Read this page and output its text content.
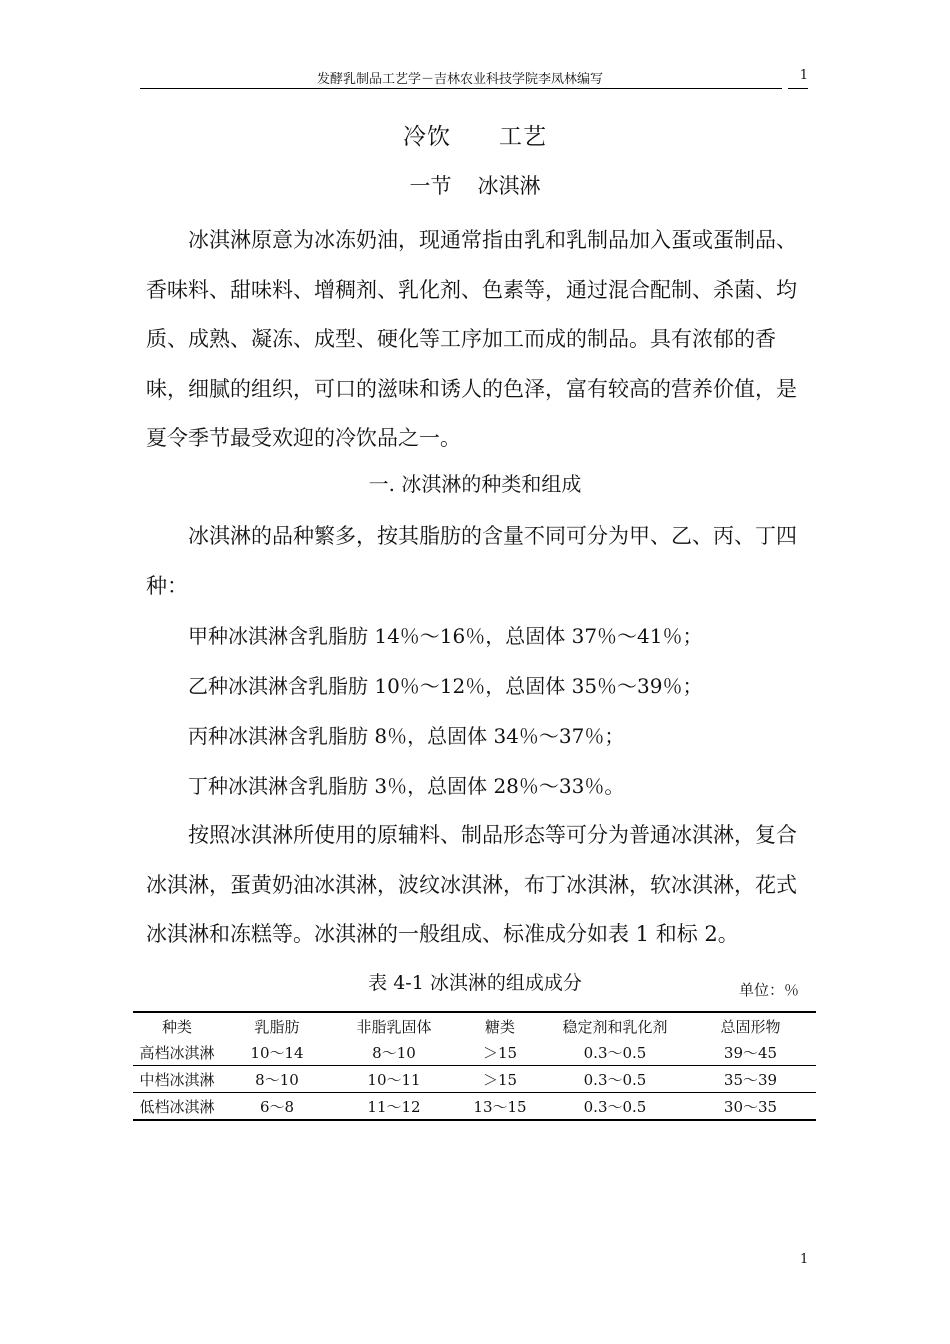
发酵乳制品工艺学－吉林农业科技学院李凤林编写	1
冷饮 工艺
一节 冰淇淋
冰淇淋原意为冰冻奶油，现通常指由乳和乳制品加入蛋或蛋制品、香味料、甜味料、增稠剂、乳化剂、色素等，通过混合配制、杀菌、均质、成熟、凝冻、成型、硬化等工序加工而成的制品。具有浓郁的香味，细腻的组织，可口的滋味和诱人的色泽，富有较高的营养价值，是夏令季节最受欢迎的冷饮品之一。
一. 冰淇淋的种类和组成
冰淇淋的品种繁多，按其脂肪的含量不同可分为甲、乙、丙、丁四种：
甲种冰淇淋含乳脂肪 14％～16％，总固体 37％～41％；
乙种冰淇淋含乳脂肪 10％～12％，总固体 35％～39％；
丙种冰淇淋含乳脂肪 8％，总固体 34％～37％；
丁种冰淇淋含乳脂肪 3％，总固体 28％～33％。
按照冰淇淋所使用的原辅料、制品形态等可分为普通冰淇淋，复合冰淇淋，蛋黄奶油冰淇淋，波纹冰淇淋，布丁冰淇淋，软冰淇淋，花式冰淇淋和冻糕等。冰淇淋的一般组成、标准成分如表 1 和标 2。
表 4-1 冰淇淋的组成成分	单位：％
种类	乳脂肪	非脂乳固体	糖类	稳定剂和乳化剂	总固形物
高档冰淇淋	10～14	8～10	＞15	0.3～0.5	39～45
中档冰淇淋	8～10	10～11	＞15	0.3～0.5	35～39
低档冰淇淋	6～8	11～12	13～15	0.3～0.5	30～35
1
